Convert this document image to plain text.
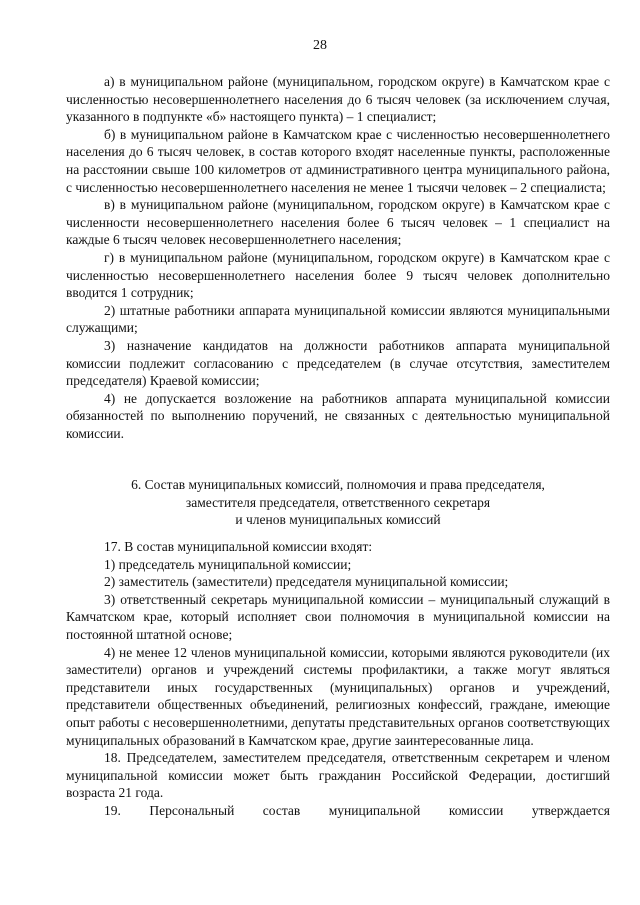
28

а) в муниципальном районе (муниципальном, городском округе) в Камчатском крае с численностью несовершеннолетнего населения до 6 тысяч человек (за исключением случая, указанного в подпункте «б» настоящего пункта) – 1 специалист;

б) в муниципальном районе в Камчатском крае с численностью несовершеннолетнего населения до 6 тысяч человек, в состав которого входят населенные пункты, расположенные на расстоянии свыше 100 километров от административного центра муниципального района, с численностью несовершеннолетнего населения не менее 1 тысячи человек – 2 специалиста;

в) в муниципальном районе (муниципальном, городском округе) в Камчатском крае с численности несовершеннолетнего населения более 6 тысяч человек – 1 специалист на каждые 6 тысяч человек несовершеннолетнего населения;

г) в муниципальном районе (муниципальном, городском округе) в Камчатском крае с численностью несовершеннолетнего населения более 9 тысяч человек дополнительно вводится 1 сотрудник;

2) штатные работники аппарата муниципальной комиссии являются муниципальными служащими;

3) назначение кандидатов на должности работников аппарата муниципальной комиссии подлежит согласованию с председателем (в случае отсутствия, заместителем председателя) Краевой комиссии;

4) не допускается возложение на работников аппарата муниципальной комиссии обязанностей по выполнению поручений, не связанных с деятельностью муниципальной комиссии.

6. Состав муниципальных комиссий, полномочия и права председателя,
заместителя председателя, ответственного секретаря
и членов муниципальных комиссий

17. В состав муниципальной комиссии входят:

1) председатель муниципальной комиссии;

2) заместитель (заместители) председателя муниципальной комиссии;

3) ответственный секретарь муниципальной комиссии – муниципальный служащий в Камчатском крае, который исполняет свои полномочия в муниципальной комиссии на постоянной штатной основе;

4) не менее 12 членов муниципальной комиссии, которыми являются руководители (их заместители) органов и учреждений системы профилактики, а также могут являться представители иных государственных (муниципальных) органов и учреждений, представители общественных объединений, религиозных конфессий, граждане, имеющие опыт работы с несовершеннолетними, депутаты представительных органов соответствующих муниципальных образований в Камчатском крае, другие заинтересованные лица.

18. Председателем, заместителем председателя, ответственным секретарем и членом муниципальной комиссии может быть гражданин Российской Федерации, достигший возраста 21 года.

19. Персональный состав муниципальной комиссии утверждается
